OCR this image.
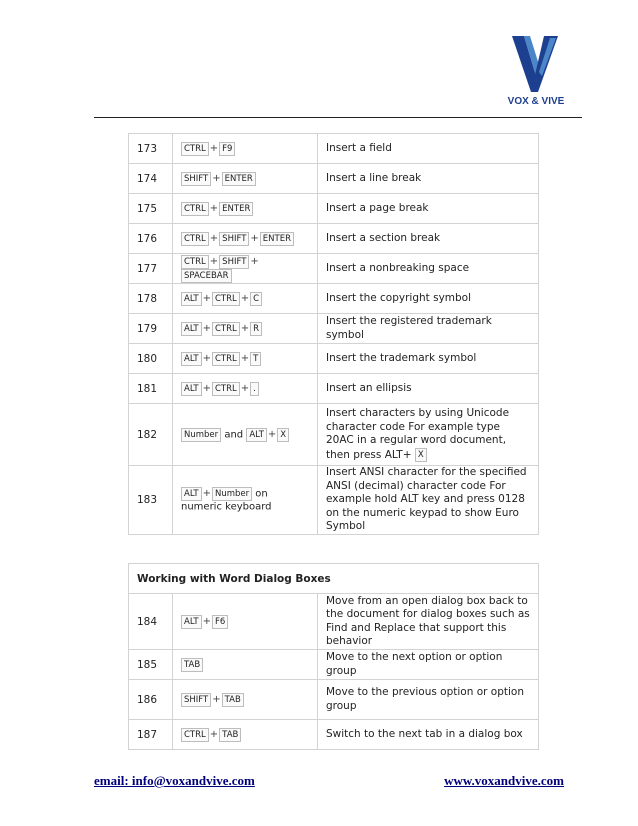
VOX & VIVE
173	CTRL + F9	Insert a field
174	SHIFT + ENTER	Insert a line break
175	CTRL + ENTER	Insert a page break
176	CTRL + SHIFT + ENTER	Insert a section break
177	CTRL + SHIFT +SPACEBAR	Insert a nonbreaking space
178	ALT + CTRL + C	Insert the copyright symbol
179	ALT + CTRL + R	Insert the registered trademark symbol
180	ALT + CTRL + T	Insert the trademark symbol
181	ALT + CTRL + .	Insert an ellipsis
182	Number and ALT + X	Insert characters by using Unicode character code For example type 20AC in a regular word document, then press ALT+ X
183	ALT + Number on numeric keyboard	Insert ANSI character for the specified ANSI (decimal) character code For example hold ALT key and press 0128 on the numeric keypad to show Euro Symbol
Working with Word Dialog Boxes		
184	ALT + F6	Move from an open dialog box back to the document for dialog boxes such as Find and Replace that support this behavior
185	TAB	Move to the next option or option group
186	SHIFT + TAB	Move to the previous option or option group
187	CTRL + TAB	Switch to the next tab in a dialog box
email: info@voxandvive.com	www.voxandvive.com
